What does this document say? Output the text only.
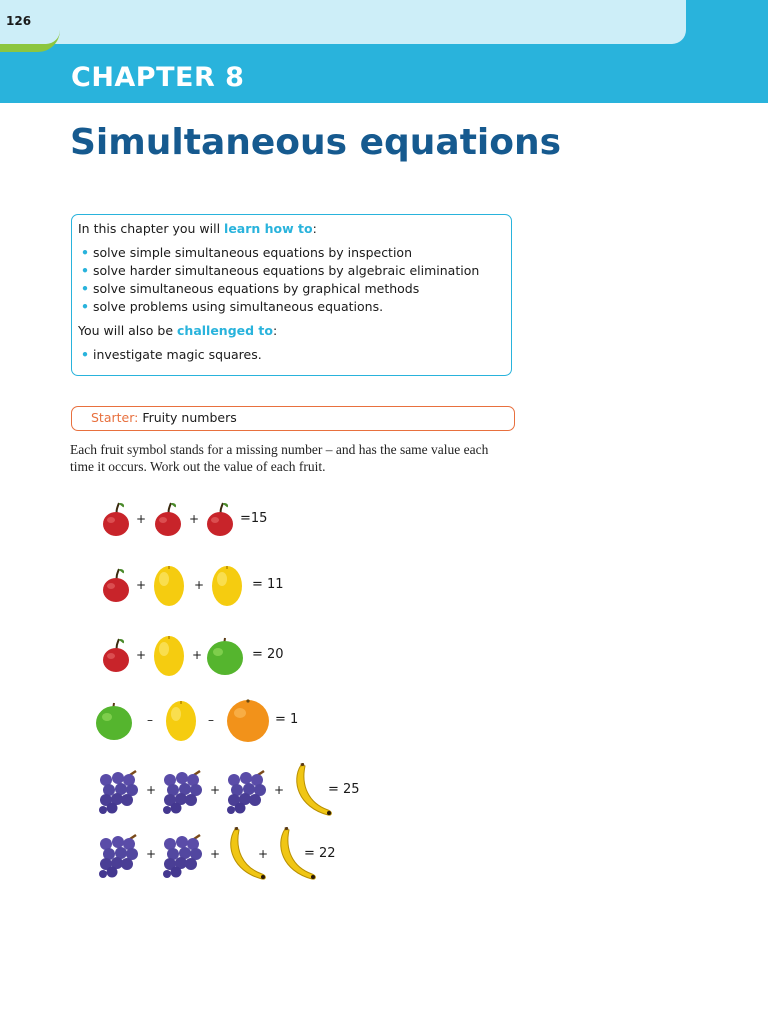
126
CHAPTER 8
Simultaneous equations

In this chapter you will learn how to:

• solve simple simultaneous equations by inspection
• solve harder simultaneous equations by algebraic elimination
• solve simultaneous equations by graphical methods
• solve problems using simultaneous equations.

You will also be challenged to:

• investigate magic squares.
Starter: Fruity numbers
Each fruit symbol stands for a missing number – and has the same value each time it occurs. Work out the value of each fruit.
+	+	=15
+	+	= 11
+	+	= 20
–	–	= 1
+	+	+	= 25
+	+	+	= 22
